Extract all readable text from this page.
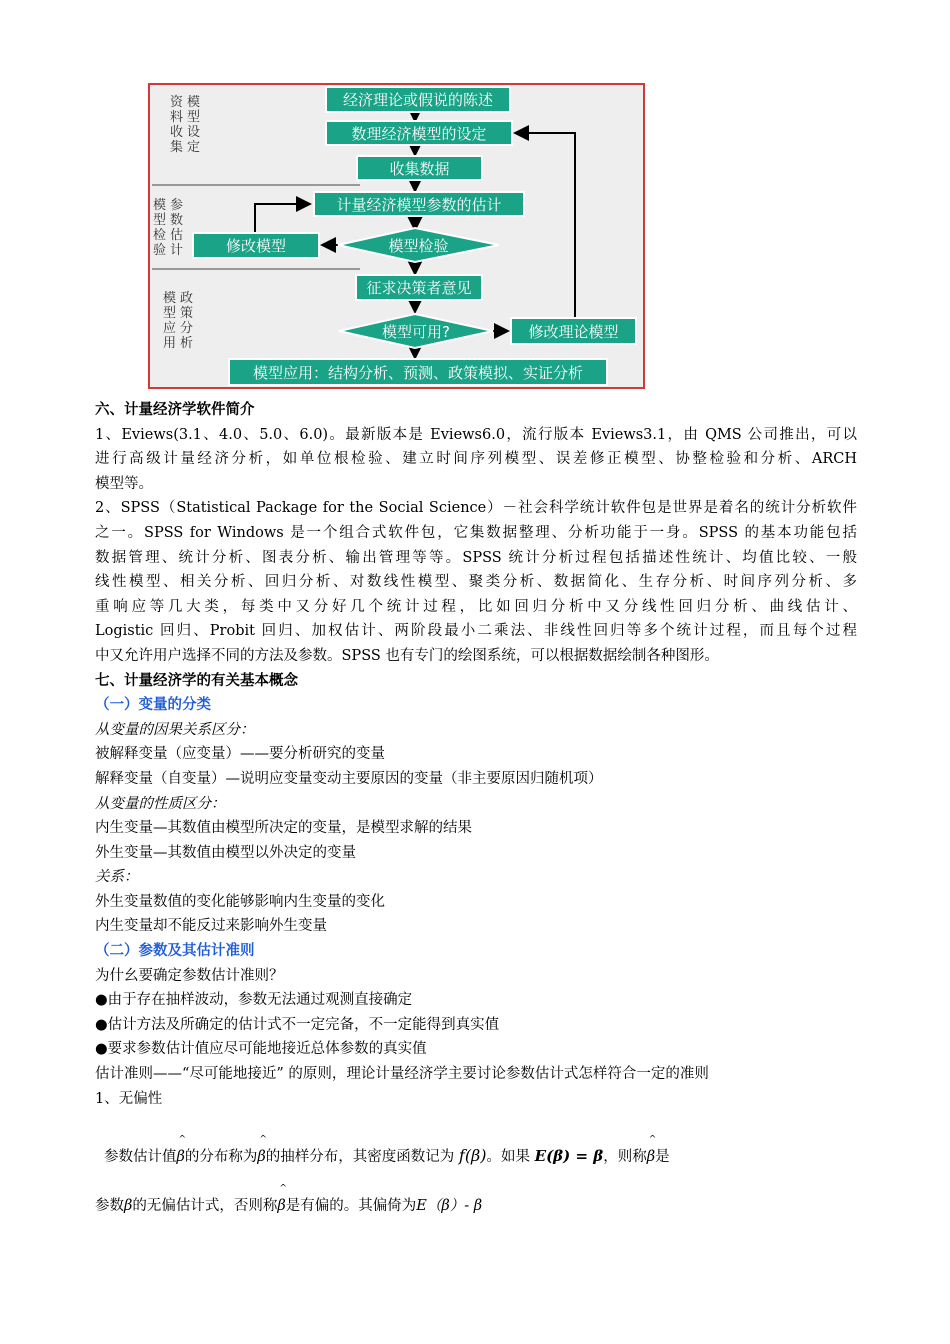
资
料
收
集
模
型
设
定
模
型
检
验
参
数
估
计
模
型
应
用
政
策
分
析
经济理论或假说的陈述
数理经济模型的设定
收集数据
计量经济模型参数的估计
修改模型	模型检验
征求决策者意见
模型可用?	修改理论模型
模型应用：结构分析、预测、政策模拟、实证分析
六、计量经济学软件简介
1、Eviews(3.1、4.0、5.0、6.0)。最新版本是 Eviews6.0，流行版本 Eviews3.1，由 QMS 公司推出，可以
进行高级计量经济分析，如单位根检验、建立时间序列模型、误差修正模型、协整检验和分析、ARCH
模型等。
2、SPSS（Statistical Package for the Social Science）－社会科学统计软件包是世界是着名的统计分析软件
之一。SPSS for Windows 是一个组合式软件包，它集数据整理、分析功能于一身。SPSS 的基本功能包括
数据管理、统计分析、图表分析、输出管理等等。SPSS 统计分析过程包括描述性统计、均值比较、一般
线性模型、相关分析、回归分析、对数线性模型、聚类分析、数据简化、生存分析、时间序列分析、多
重响应等几大类，每类中又分好几个统计过程，比如回归分析中又分线性回归分析、曲线估计、
Logistic 回归、Probit 回归、加权估计、两阶段最小二乘法、非线性回归等多个统计过程，而且每个过程
中又允许用户选择不同的方法及参数。SPSS 也有专门的绘图系统，可以根据数据绘制各种图形。
七、计量经济学的有关基本概念
（一）变量的分类
从变量的因果关系区分：
被解释变量（应变量）——要分析研究的变量
解释变量（自变量）—说明应变量变动主要原因的变量（非主要原因归随机项）
从变量的性质区分：
内生变量—其数值由模型所决定的变量，是模型求解的结果
外生变量—其数值由模型以外决定的变量
关系：
外生变量数值的变化能够影响内生变量的变化
内生变量却不能反过来影响外生变量
（二）参数及其估计准则
为什幺要确定参数估计准则？
●由于存在抽样波动，参数无法通过观测直接确定
●估计方法及所确定的估计式不一定完备，不一定能得到真实值
●要求参数估计值应尽可能地接近总体参数的真实值
估计准则——“尽可能地接近” 的原则，理论计量经济学主要讨论参数估计式怎样符合一定的准则
1、无偏性
参数估计值
^
β的分布称为
^
β的抽样分布，其密度函数记为 f(β)。如果 E(β) = β，则称
^
β是
参数β的无偏估计式，否则称
^
β是有偏的。其偏倚为E（β）- β
